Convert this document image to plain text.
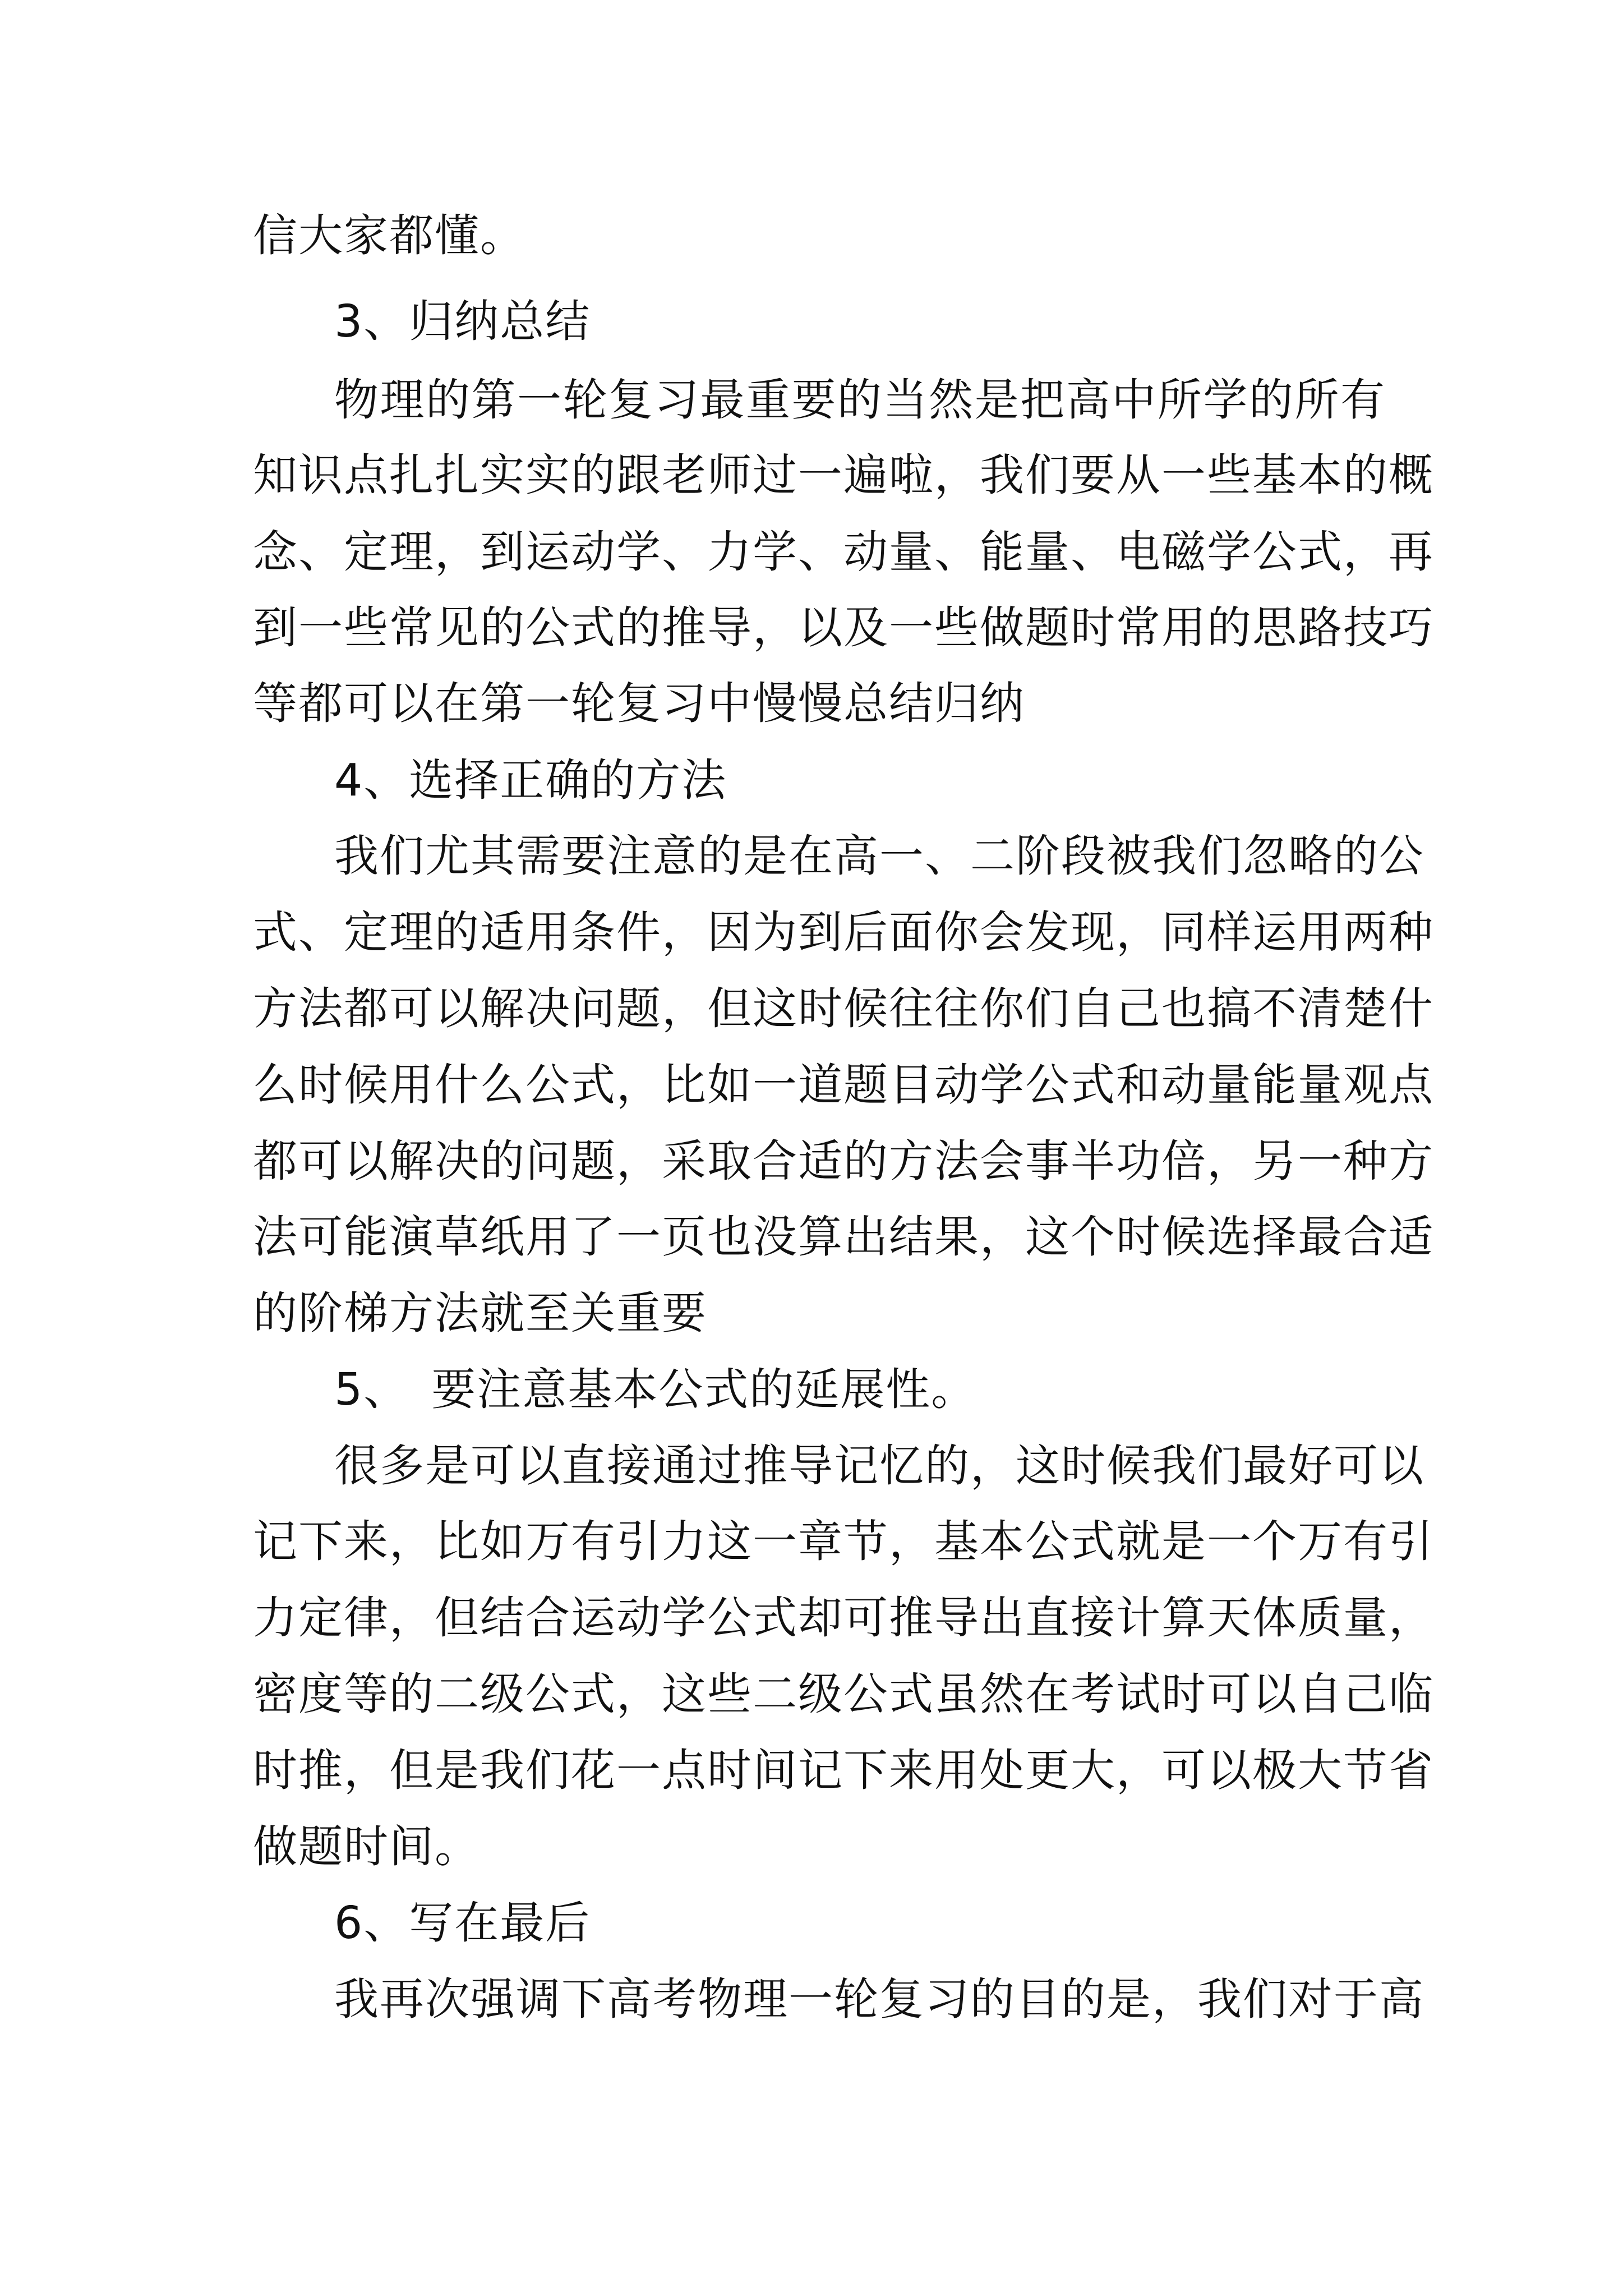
信大家都懂。
3、归纳总结
物理的第一轮复习最重要的当然是把高中所学的所有
知识点扎扎实实的跟老师过一遍啦，我们要从一些基本的概
念、定理，到运动学、力学、动量、能量、电磁学公式，再
到一些常见的公式的推导，以及一些做题时常用的思路技巧
等都可以在第一轮复习中慢慢总结归纳
4、选择正确的方法
我们尤其需要注意的是在高一、二阶段被我们忽略的公
式、定理的适用条件，因为到后面你会发现，同样运用两种
方法都可以解决问题，但这时候往往你们自己也搞不清楚什
么时候用什么公式，比如一道题目动学公式和动量能量观点
都可以解决的问题，采取合适的方法会事半功倍，另一种方
法可能演草纸用了一页也没算出结果，这个时候选择最合适
的阶梯方法就至关重要
5、 要注意基本公式的延展性。
很多是可以直接通过推导记忆的，这时候我们最好可以
记下来，比如万有引力这一章节，基本公式就是一个万有引
力定律，但结合运动学公式却可推导出直接计算天体质量，
密度等的二级公式，这些二级公式虽然在考试时可以自己临
时推，但是我们花一点时间记下来用处更大，可以极大节省
做题时间。
6、写在最后
我再次强调下高考物理一轮复习的目的是，我们对于高
